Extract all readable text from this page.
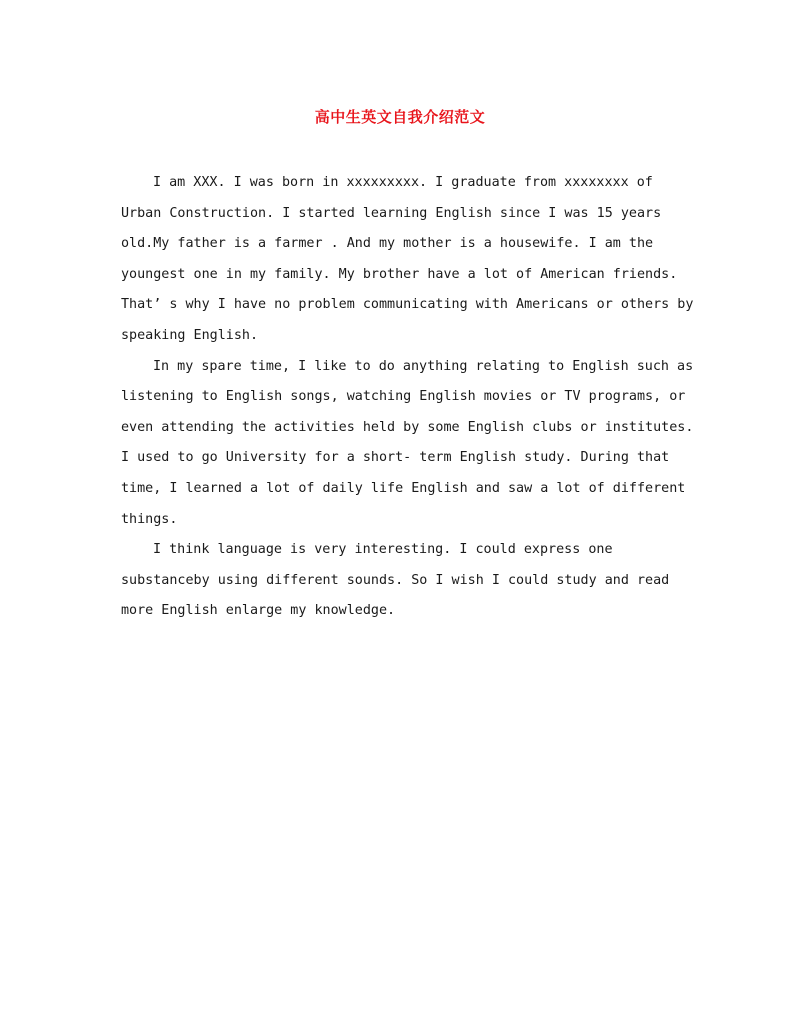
高中生英文自我介绍范文

I am XXX. I was born in xxxxxxxxx. I graduate from xxxxxxxx of
Urban Construction. I started learning English since I was 15 years
old.My father is a farmer . And my mother is a housewife. I am the
youngest one in my family. My brother have a lot of American friends.
That’ s why I have no problem communicating with Americans or others by
speaking English.

In my spare time, I like to do anything relating to English such as
listening to English songs, watching English movies or TV programs, or
even attending the activities held by some English clubs or institutes.
I used to go University for a short- term English study. During that
time, I learned a lot of daily life English and saw a lot of different
things.

I think language is very interesting. I could express one
substanceby using different sounds. So I wish I could study and read
more English enlarge my knowledge.
